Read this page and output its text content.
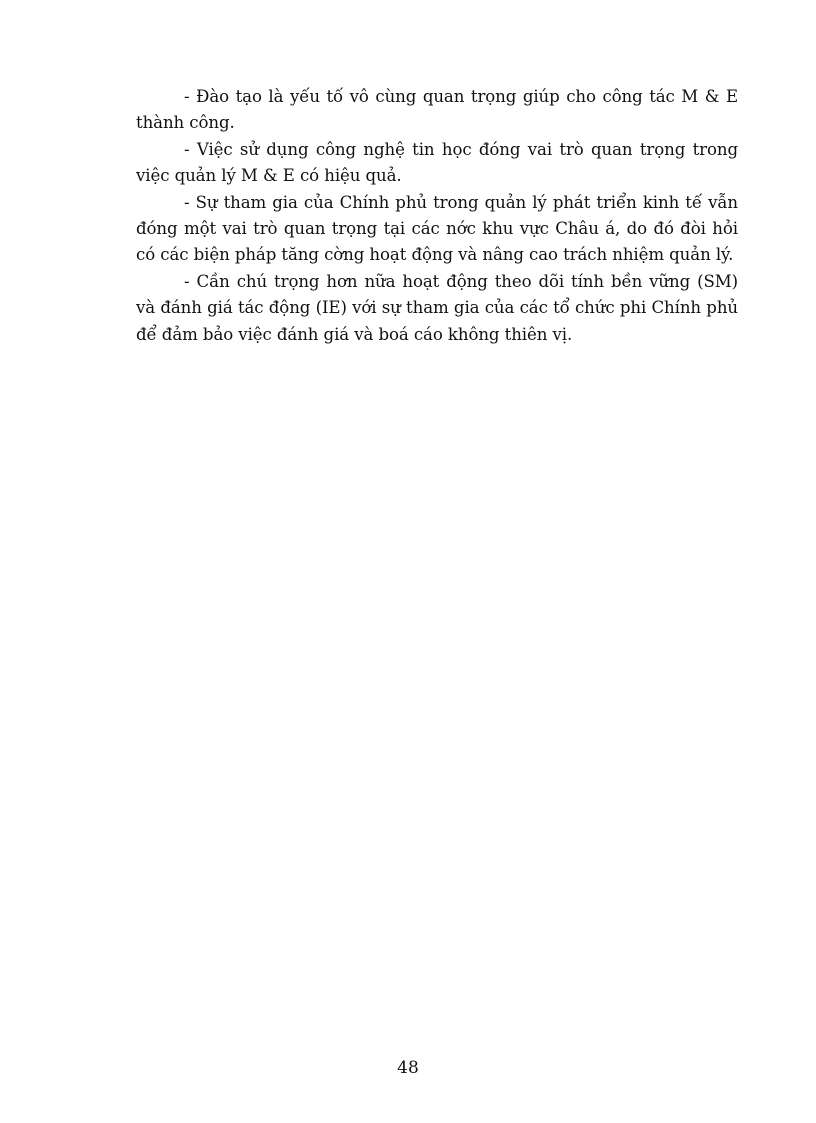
- Đào tạo là yếu tố vô cùng quan trọng giúp cho công tác M & E thành công.

- Việc sử dụng công nghệ tin học đóng vai trò quan trọng trong việc quản lý M & E có hiệu quả.

- Sự tham gia của Chính phủ trong quản lý phát triển kinh tế vẫn đóng một vai trò quan trọng tại các nớc khu vực Châu á, do đó đòi hỏi có các biện pháp tăng cờng hoạt động và nâng cao trách nhiệm quản lý.

- Cần chú trọng hơn nữa hoạt động theo dõi tính bền vững (SM) và đánh giá tác động (IE) với sự tham gia của các tổ chức phi Chính phủ để đảm bảo việc đánh giá và boá cáo không thiên vị.

48
